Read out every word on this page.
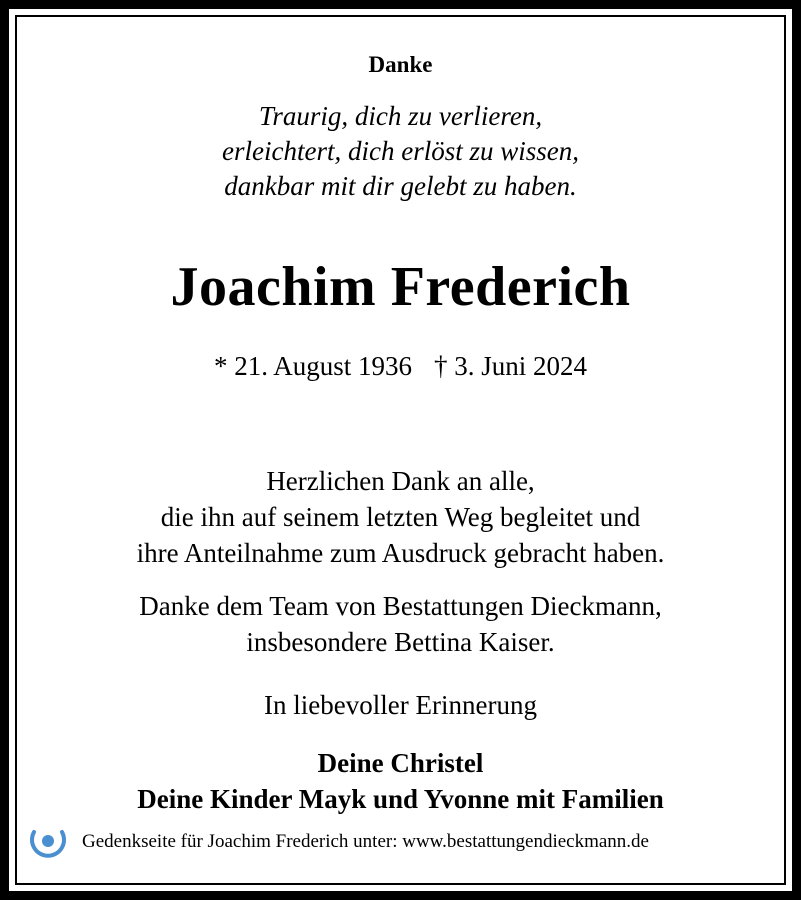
Danke
Traurig, dich zu verlieren,
erleichtert, dich erlöst zu wissen,
dankbar mit dir gelebt zu haben.
Joachim Frederich
* 21. August 1936 † 3. Juni 2024
Herzlichen Dank an alle,
die ihn auf seinem letzten Weg begleitet und
ihre Anteilnahme zum Ausdruck gebracht haben.
Danke dem Team von Bestattungen Dieckmann,
insbesondere Bettina Kaiser.
In liebevoller Erinnerung
Deine Christel
Deine Kinder Mayk und Yvonne mit Familien
Gedenkseite für Joachim Frederich unter: www.bestattungendieckmann.de
